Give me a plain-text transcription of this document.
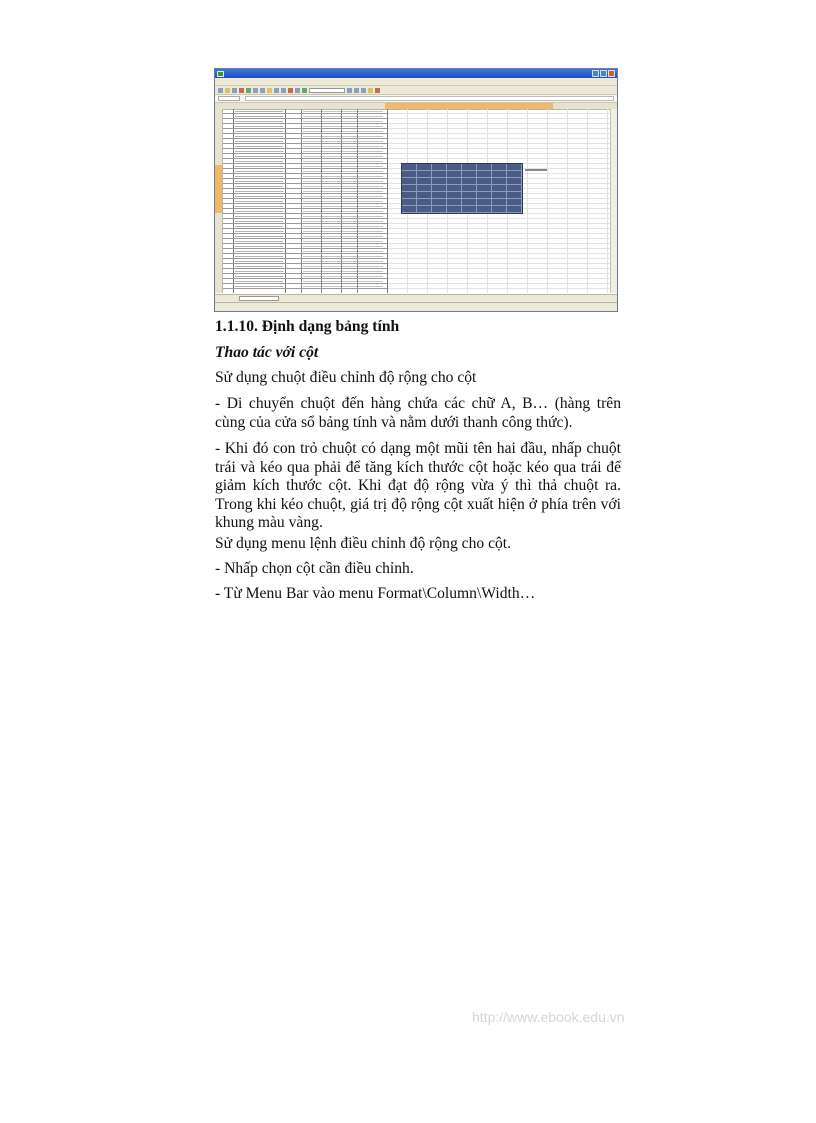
1.1.10. Định dạng bảng tính
Thao tác với cột

Sử dụng chuột điều chỉnh độ rộng cho cột

- Di chuyển chuột đến hàng chứa các chữ A, B… (hàng trên cùng của cửa sổ bảng tính và nằm dưới thanh công thức).

- Khi đó con trỏ chuột có dạng một mũi tên hai đầu, nhấp chuột trái và kéo qua phải để tăng kích thước cột hoặc kéo qua trái để giảm kích thước cột. Khi đạt độ rộng vừa ý thì thả chuột ra. Trong khi kéo chuột, giá trị độ rộng cột xuất hiện ở phía trên với khung màu vàng.

Sử dụng menu lệnh điều chỉnh độ rộng cho cột.

- Nhấp chọn cột cần điều chỉnh.

- Từ Menu Bar vào menu Format\Column\Width…

http://www.ebook.edu.vn
